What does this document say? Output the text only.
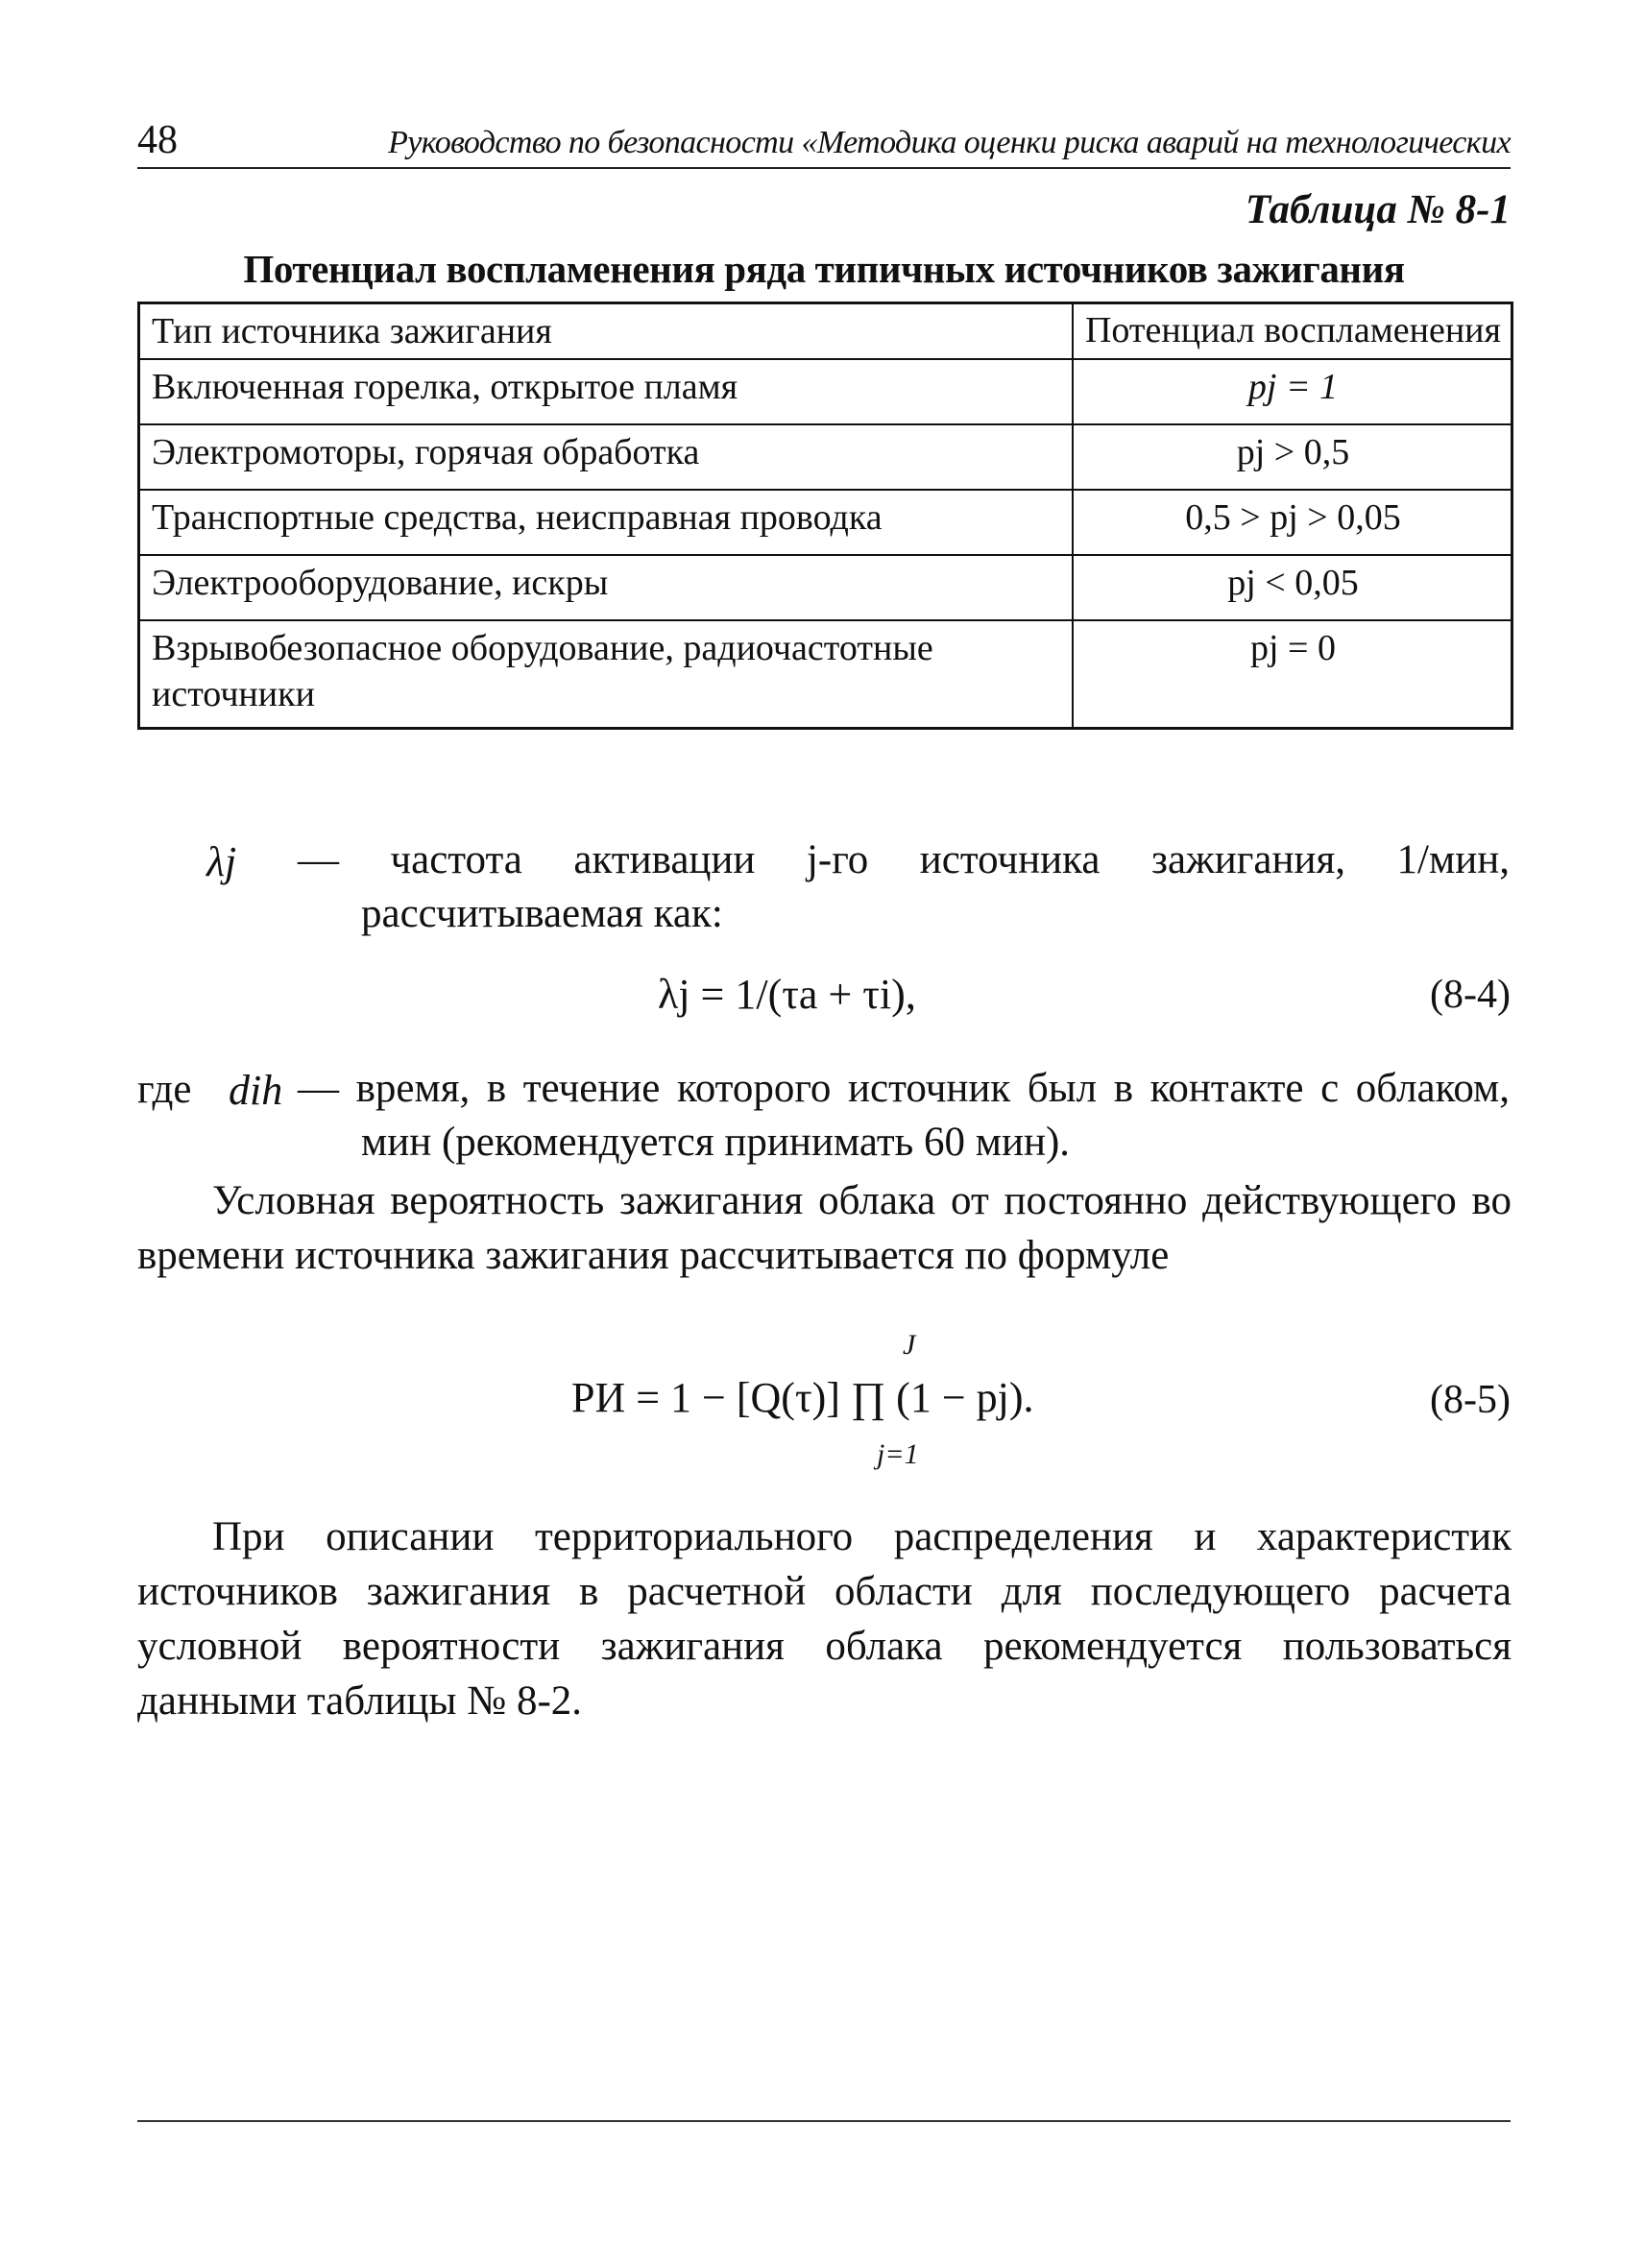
48	Руководство по безопасности «Методика оценки риска аварий на технологических
Таблица № 8-1
Потенциал воспламенения ряда типичных источников зажигания
Тип источника зажигания	Потенциал воспламенения
Включенная горелка, открытое пламя	pj = 1
Электромоторы, горячая обработка	pj > 0,5
Транспортные средства, неисправная проводка	0,5 > pj > 0,05
Электрооборудование, искры	pj < 0,05
Взрывобезопасное оборудование, радиочастотные источники	pj = 0
λj — частота активации j-го источника зажигания, 1/мин, рассчитываемая как:
λj = 1/(τa + τi),	(8-4)
где dih — время, в течение которого источник был в контакте с облаком, мин (рекомендуется принимать 60 мин).

Условная вероятность зажигания облака от постоянно действующего во времени источника зажигания рассчитывается по формуле

J
PИ = 1 − [Q(τ)] ∏ (1 − pj).
j=1
(8-5)

При описании территориального распределения и характеристик источников зажигания в расчетной области для последующего расчета условной вероятности зажигания облака рекомендуется пользоваться данными таблицы № 8-2.
